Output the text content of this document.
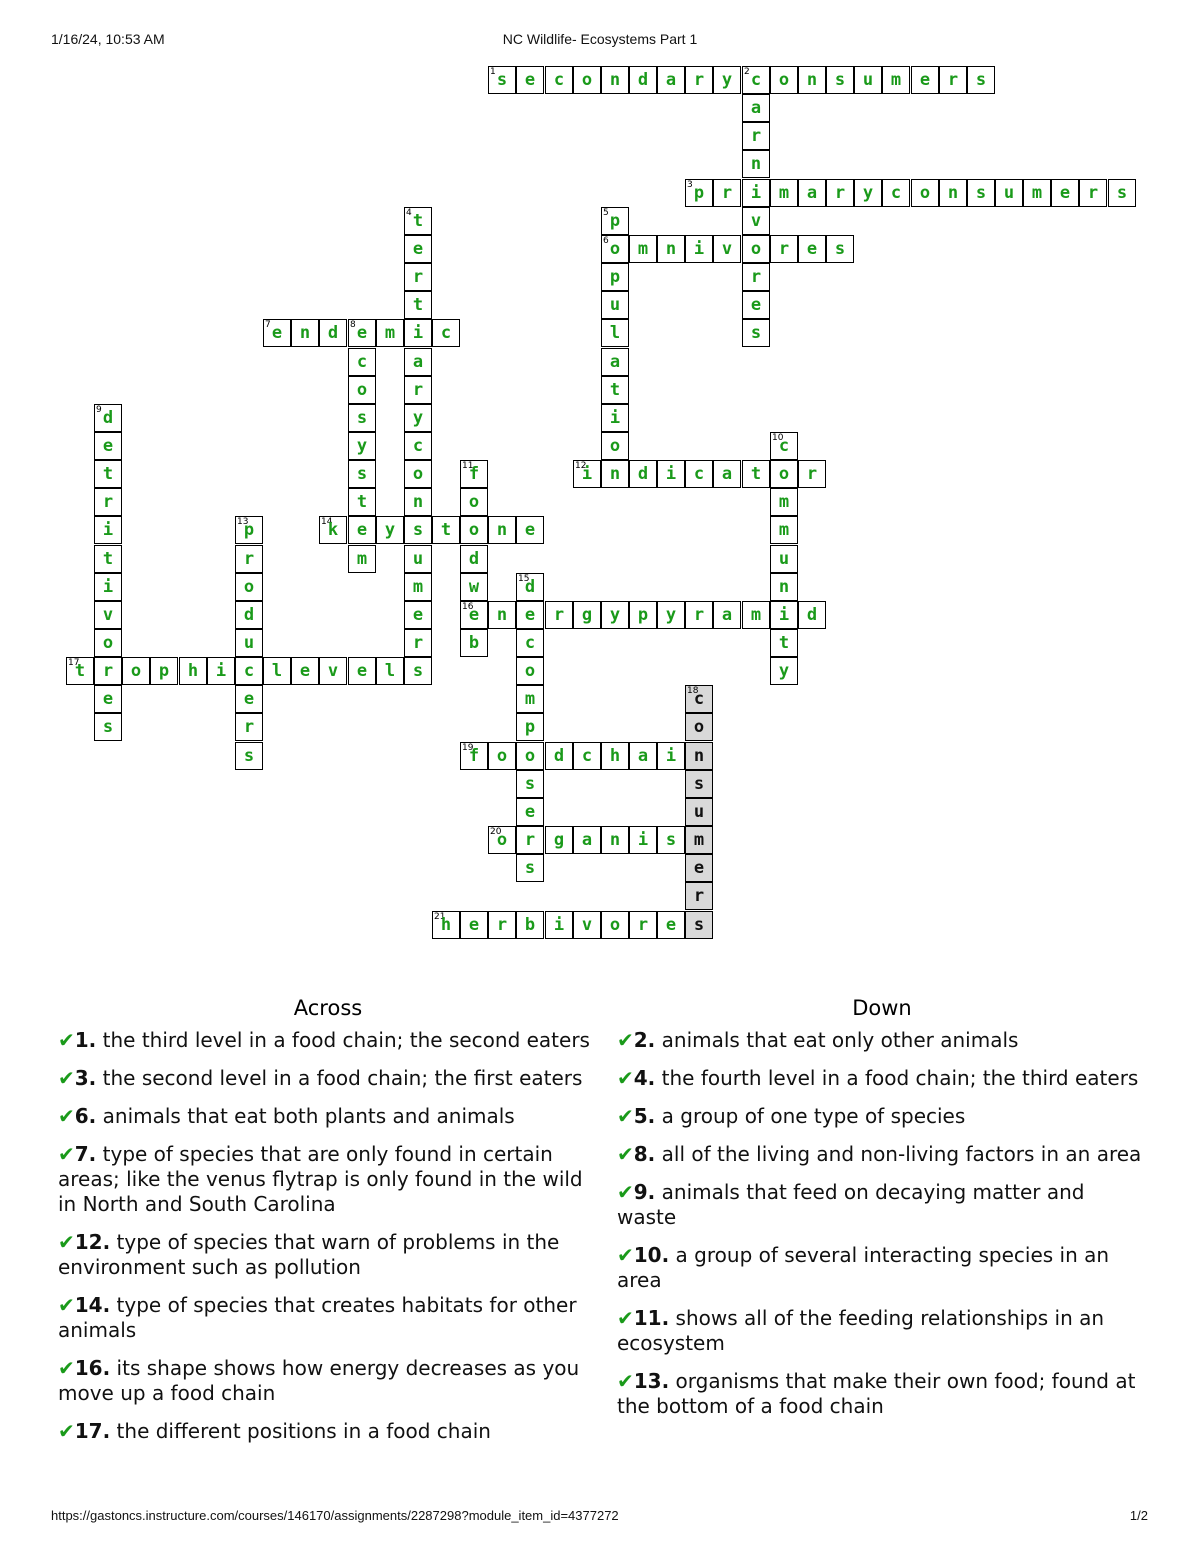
1/16/24, 10:53 AM	NC Wildlife- Ecosystems Part 1
1 s	e	c	o	n	d	a	r	y	2 c	o	n	s	u	m	e	r	s
a
r
n
i
v
o
r
e
s
3 p	r	m	a	r	y	c	o	n	s	u	m	e	r	s
4 t
e
r
t
i
a
r
y
c
o
n
s
u
m
e
r
s
5 p
6 o
p
u
l
a
t
i
o
n
m	n	i	v	r	e	s
7 e	n	d	8 e	m	c
c
o
s
y
s
t
e
m
9 d
e
t
r
i
t
i
v
o
r
e
s
10
c
o
m
m
u
n
i
t
y
11
f
o
o
d
w
16
e
b
12
i	d	i	c	a	t	r
13
p
r
o
d
u
c
e
r
s
14
k	y	t	n	e
15
d
e
c
o
m
p
o
s
e
r
s
n	r	g	y	p	y	r	a	m	d
17
t	o	p	h	i	l	e	v	e	l
18
c
o
n
s
u
m
e
r
s
19
f	o	d	c	h	a	i
20
o	g	a	n	i	s
21
h	e	r	b	i	v	o	r	e
Across
✔1. the third level in a food chain; the second eaters
✔3. the second level in a food chain; the first eaters
✔6. animals that eat both plants and animals
✔7. type of species that are only found in certain areas; like the venus flytrap is only found in the wild in North and South Carolina
✔12. type of species that warn of problems in the environment such as pollution
✔14. type of species that creates habitats for other animals
✔16. its shape shows how energy decreases as you move up a food chain
✔17. the different positions in a food chain
Down
✔2. animals that eat only other animals
✔4. the fourth level in a food chain; the third eaters
✔5. a group of one type of species
✔8. all of the living and non-living factors in an area
✔9. animals that feed on decaying matter and waste
✔10. a group of several interacting species in an area
✔11. shows all of the feeding relationships in an ecosystem
✔13. organisms that make their own food; found at the bottom of a food chain
https://gastoncs.instructure.com/courses/146170/assignments/2287298?module_item_id=4377272	1/2
